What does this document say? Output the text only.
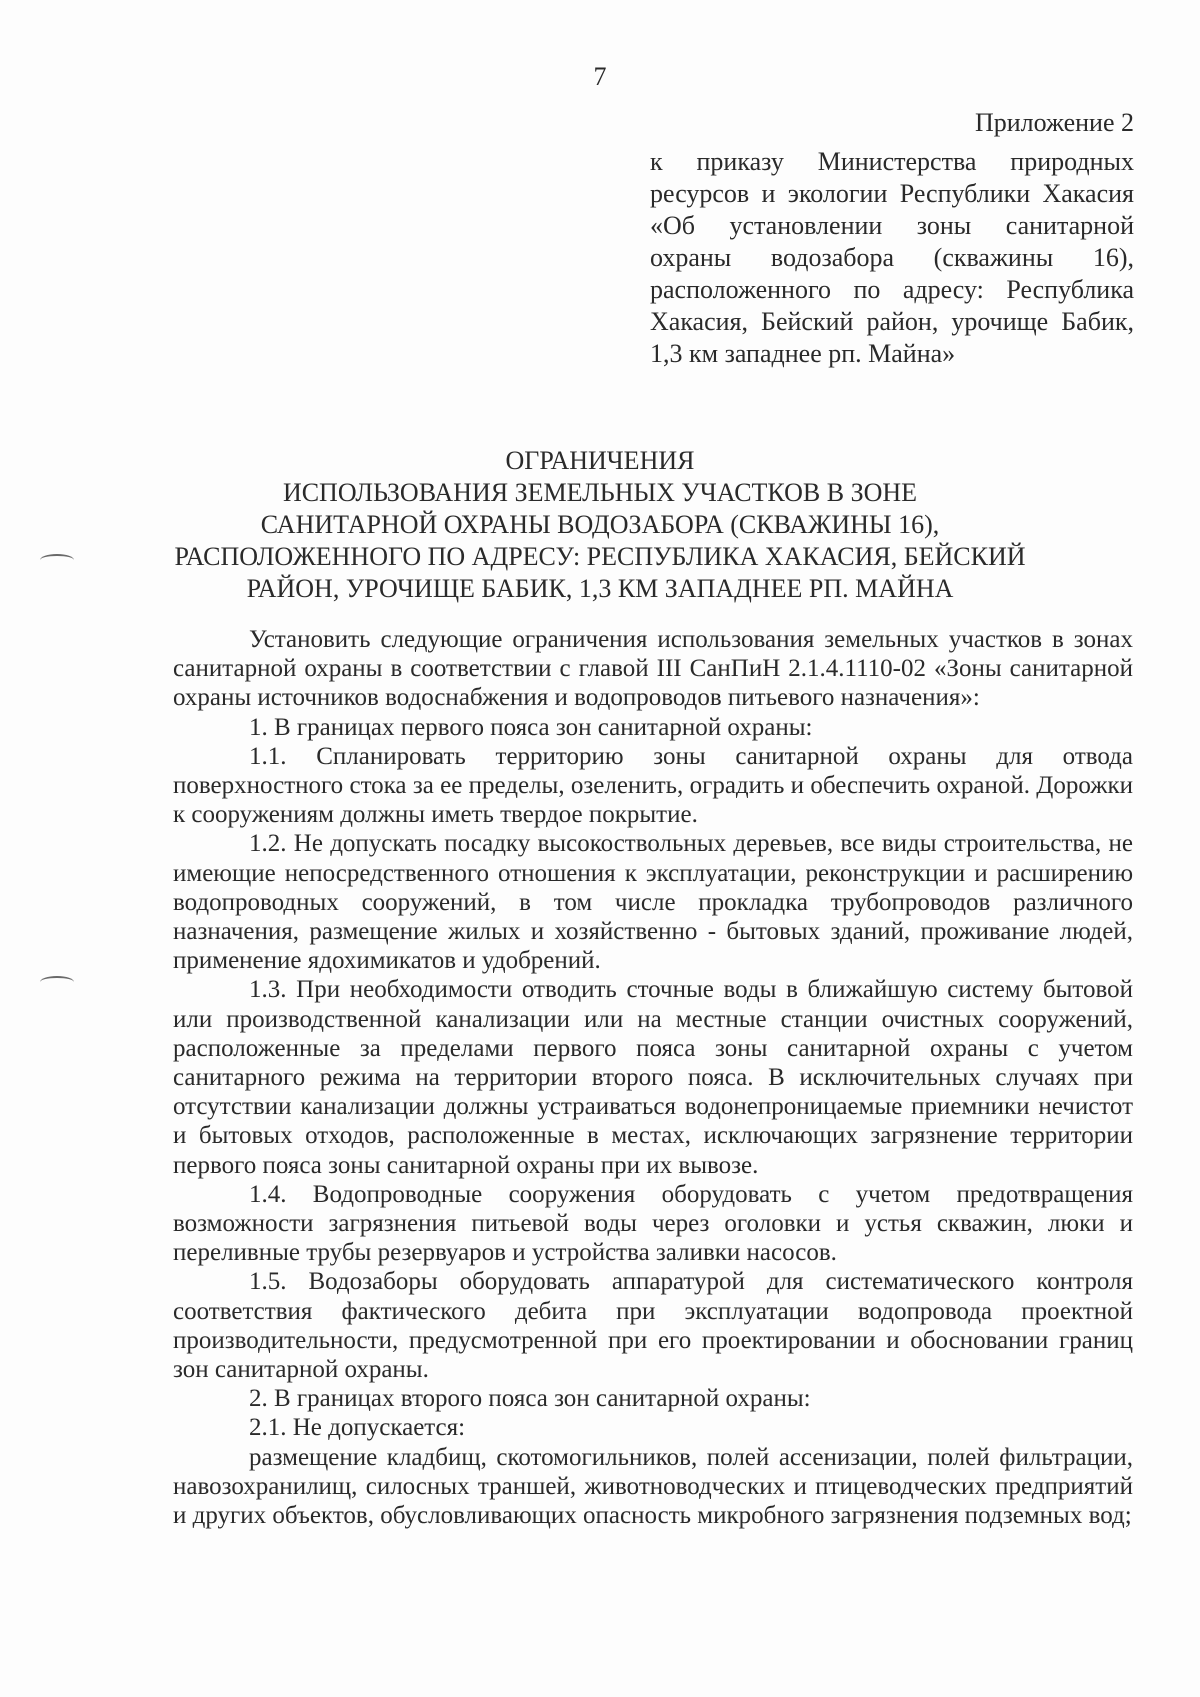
7
Приложение 2
к приказу Министерства природных ресурсов и экологии Республики Хакасия «Об установлении зоны санитарной охраны водозабора (скважины 16), расположенного по адресу: Республика Хакасия, Бейский район, урочище Бабик, 1,3 км западнее рп. Майна»
ОГРАНИЧЕНИЯ
ИСПОЛЬЗОВАНИЯ ЗЕМЕЛЬНЫХ УЧАСТКОВ В ЗОНЕ
САНИТАРНОЙ ОХРАНЫ ВОДОЗАБОРА (СКВАЖИНЫ 16),
РАСПОЛОЖЕННОГО ПО АДРЕСУ: РЕСПУБЛИКА ХАКАСИЯ, БЕЙСКИЙ
РАЙОН, УРОЧИЩЕ БАБИК, 1,3 КМ ЗАПАДНЕЕ РП. МАЙНА

Установить следующие ограничения использования земельных участков в зонах санитарной охраны в соответствии с главой III СанПиН 2.1.4.1110-02 «Зоны санитарной охраны источников водоснабжения и водопроводов питьевого назначения»:

1. В границах первого пояса зон санитарной охраны:

1.1. Спланировать территорию зоны санитарной охраны для отвода поверхностного стока за ее пределы, озеленить, оградить и обеспечить охраной. Дорожки к сооружениям должны иметь твердое покрытие.

1.2. Не допускать посадку высокоствольных деревьев, все виды строительства, не имеющие непосредственного отношения к эксплуатации, реконструкции и расширению водопроводных сооружений, в том числе прокладка трубопроводов различного назначения, размещение жилых и хозяйственно - бытовых зданий, проживание людей, применение ядохимикатов и удобрений.

1.3. При необходимости отводить сточные воды в ближайшую систему бытовой или производственной канализации или на местные станции очистных сооружений, расположенные за пределами первого пояса зоны санитарной охраны с учетом санитарного режима на территории второго пояса. В исключительных случаях при отсутствии канализации должны устраиваться водонепроницаемые приемники нечистот и бытовых отходов, расположенные в местах, исключающих загрязнение территории первого пояса зоны санитарной охраны при их вывозе.

1.4. Водопроводные сооружения оборудовать с учетом предотвращения возможности загрязнения питьевой воды через оголовки и устья скважин, люки и переливные трубы резервуаров и устройства заливки насосов.

1.5. Водозаборы оборудовать аппаратурой для систематического контроля соответствия фактического дебита при эксплуатации водопровода проектной производительности, предусмотренной при его проектировании и обосновании границ зон санитарной охраны.

2. В границах второго пояса зон санитарной охраны:

2.1. Не допускается:

размещение кладбищ, скотомогильников, полей ассенизации, полей фильтрации, навозохранилищ, силосных траншей, животноводческих и птицеводческих предприятий и других объектов, обусловливающих опасность микробного загрязнения подземных вод;
